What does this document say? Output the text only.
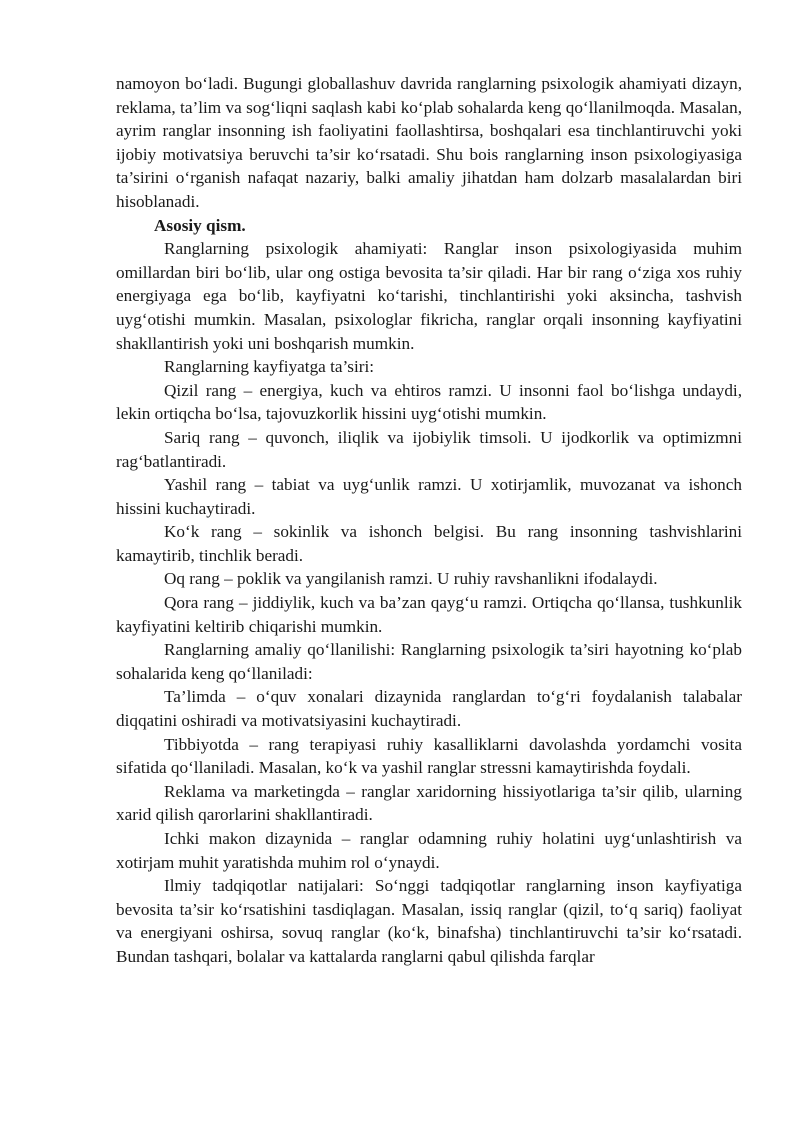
namoyon bo‘ladi. Bugungi globallashuv davrida ranglarning psixologik ahamiyati dizayn, reklama, ta’lim va sog‘liqni saqlash kabi ko‘plab sohalarda keng qo‘llanilmoqda. Masalan, ayrim ranglar insonning ish faoliyatini faollashtirsa, boshqalari esa tinchlantiruvchi yoki ijobiy motivatsiya beruvchi ta’sir ko‘rsatadi. Shu bois ranglarning inson psixologiyasiga ta’sirini o‘rganish nafaqat nazariy, balki amaliy jihatdan ham dolzarb masalalardan biri hisoblanadi.

Asosiy qism.

Ranglarning psixologik ahamiyati: Ranglar inson psixologiyasida muhim omillardan biri bo‘lib, ular ong ostiga bevosita ta’sir qiladi. Har bir rang o‘ziga xos ruhiy energiyaga ega bo‘lib, kayfiyatni ko‘tarishi, tinchlantirishi yoki aksincha, tashvish uyg‘otishi mumkin. Masalan, psixologlar fikricha, ranglar orqali insonning kayfiyatini shakllantirish yoki uni boshqarish mumkin.

Ranglarning kayfiyatga ta’siri:

Qizil rang – energiya, kuch va ehtiros ramzi. U insonni faol bo‘lishga undaydi, lekin ortiqcha bo‘lsa, tajovuzkorlik hissini uyg‘otishi mumkin.

Sariq rang – quvonch, iliqlik va ijobiylik timsoli. U ijodkorlik va optimizmni rag‘batlantiradi.

Yashil rang – tabiat va uyg‘unlik ramzi. U xotirjamlik, muvozanat va ishonch hissini kuchaytiradi.

Ko‘k rang – sokinlik va ishonch belgisi. Bu rang insonning tashvishlarini kamaytirib, tinchlik beradi.

Oq rang – poklik va yangilanish ramzi. U ruhiy ravshanlikni ifodalaydi.

Qora rang – jiddiylik, kuch va ba’zan qayg‘u ramzi. Ortiqcha qo‘llansa, tushkunlik kayfiyatini keltirib chiqarishi mumkin.

Ranglarning amaliy qo‘llanilishi: Ranglarning psixologik ta’siri hayotning ko‘plab sohalarida keng qo‘llaniladi:

Ta’limda – o‘quv xonalari dizaynida ranglardan to‘g‘ri foydalanish talabalar diqqatini oshiradi va motivatsiyasini kuchaytiradi.

Tibbiyotda – rang terapiyasi ruhiy kasalliklarni davolashda yordamchi vosita sifatida qo‘llaniladi. Masalan, ko‘k va yashil ranglar stressni kamaytirishda foydali.

Reklama va marketingda – ranglar xaridorning hissiyotlariga ta’sir qilib, ularning xarid qilish qarorlarini shakllantiradi.

Ichki makon dizaynida – ranglar odamning ruhiy holatini uyg‘unlashtirish va xotirjam muhit yaratishda muhim rol o‘ynaydi.

Ilmiy tadqiqotlar natijalari: So‘nggi tadqiqotlar ranglarning inson kayfiyatiga bevosita ta’sir ko‘rsatishini tasdiqlagan. Masalan, issiq ranglar (qizil, to‘q sariq) faoliyat va energiyani oshirsa, sovuq ranglar (ko‘k, binafsha) tinchlantiruvchi ta’sir ko‘rsatadi. Bundan tashqari, bolalar va kattalarda ranglarni qabul qilishda farqlar
